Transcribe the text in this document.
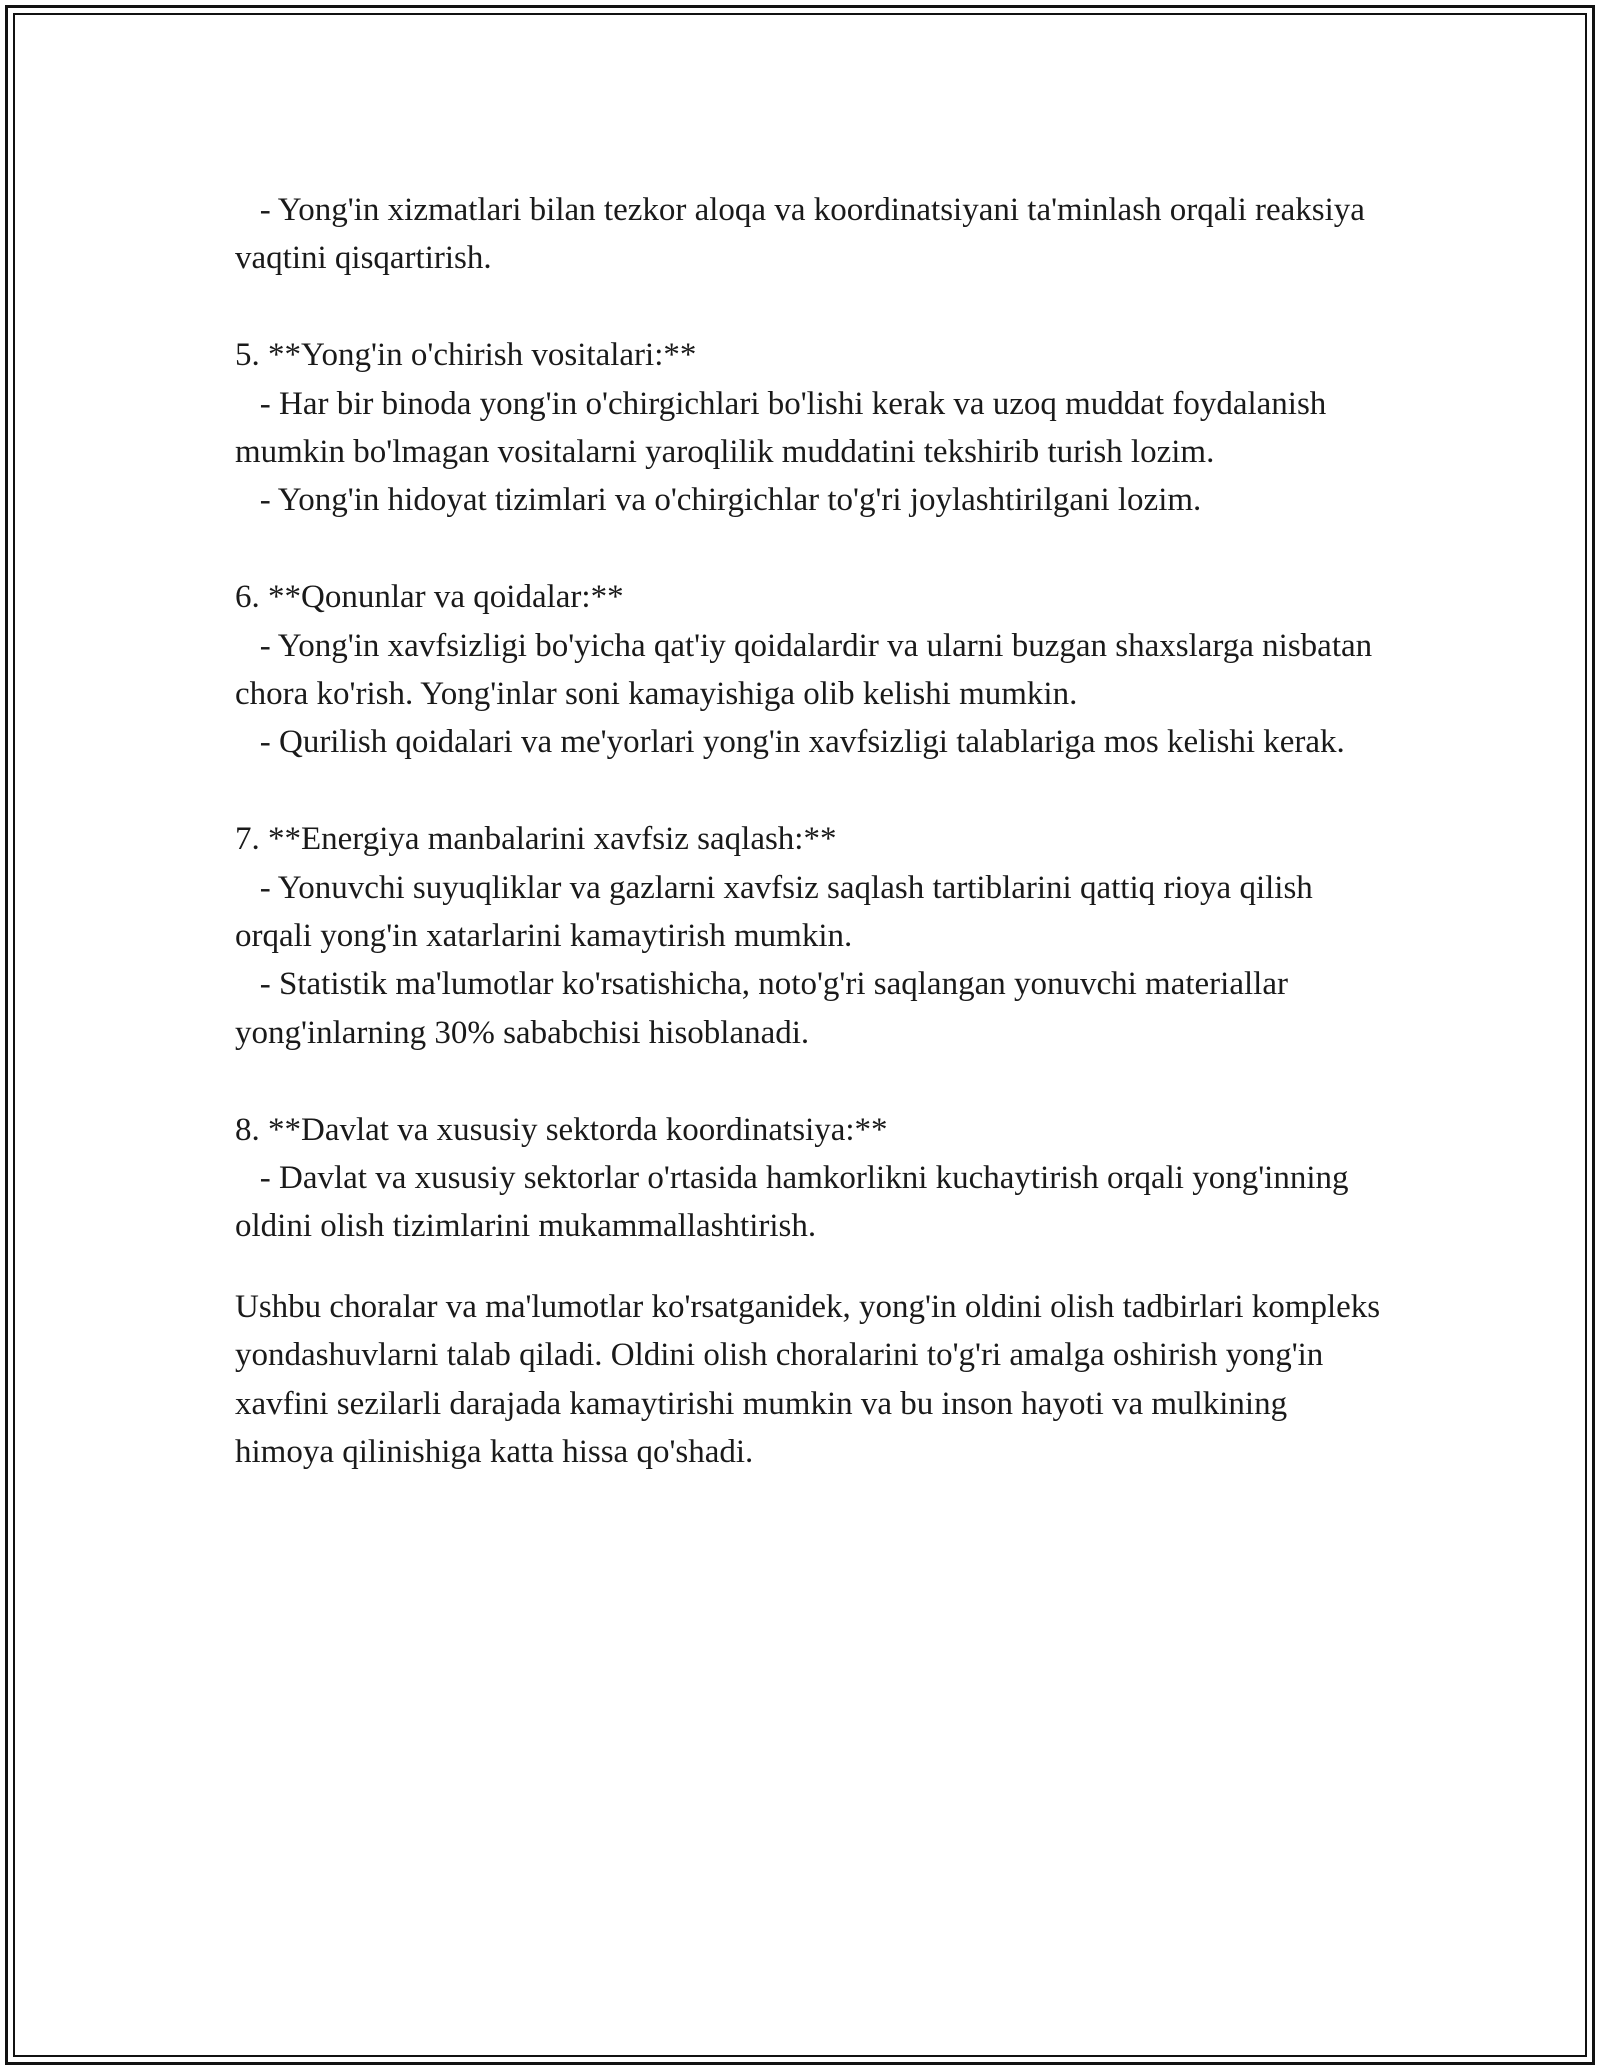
- Yong'in xizmatlari bilan tezkor aloqa va koordinatsiyani ta'minlash orqali reaksiya vaqtini qisqartirish.

5. **Yong'in o'chirish vositalari:**

- Har bir binoda yong'in o'chirgichlari bo'lishi kerak va uzoq muddat foydalanish mumkin bo'lmagan vositalarni yaroqlilik muddatini tekshirib turish lozim.

- Yong'in hidoyat tizimlari va o'chirgichlar to'g'ri joylashtirilgani lozim.

6. **Qonunlar va qoidalar:**

- Yong'in xavfsizligi bo'yicha qat'iy qoidalardir va ularni buzgan shaxslarga nisbatan chora ko'rish. Yong'inlar soni kamayishiga olib kelishi mumkin.

- Qurilish qoidalari va me'yorlari yong'in xavfsizligi talablariga mos kelishi kerak.

7. **Energiya manbalarini xavfsiz saqlash:**

- Yonuvchi suyuqliklar va gazlarni xavfsiz saqlash tartiblarini qattiq rioya qilish orqali yong'in xatarlarini kamaytirish mumkin.

- Statistik ma'lumotlar ko'rsatishicha, noto'g'ri saqlangan yonuvchi materiallar yong'inlarning 30% sababchisi hisoblanadi.

8. **Davlat va xususiy sektorda koordinatsiya:**

- Davlat va xususiy sektorlar o'rtasida hamkorlikni kuchaytirish orqali yong'inning oldini olish tizimlarini mukammallashtirish.

Ushbu choralar va ma'lumotlar ko'rsatganidek, yong'in oldini olish tadbirlari kompleks yondashuvlarni talab qiladi. Oldini olish choralarini to'g'ri amalga oshirish yong'in xavfini sezilarli darajada kamaytirishi mumkin va bu inson hayoti va mulkining himoya qilinishiga katta hissa qo'shadi.
